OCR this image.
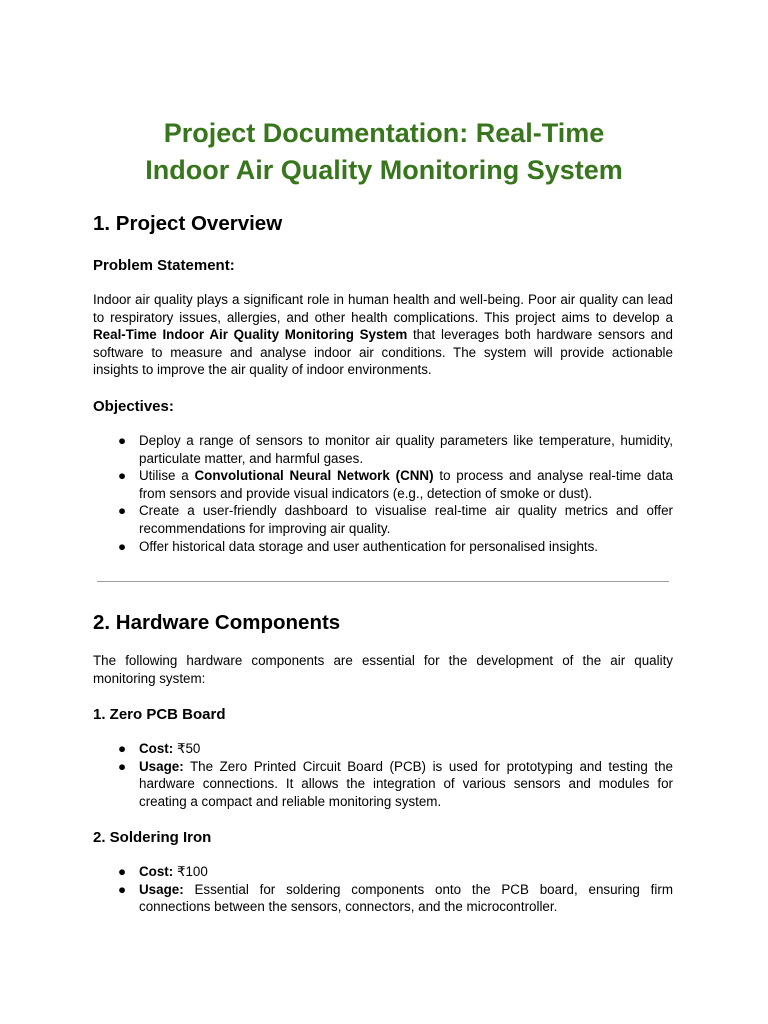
Project Documentation: Real-Time
Indoor Air Quality Monitoring System
1. Project Overview
Problem Statement:

Indoor air quality plays a significant role in human health and well-being. Poor air quality can lead to respiratory issues, allergies, and other health complications. This project aims to develop a Real-Time Indoor Air Quality Monitoring System that leverages both hardware sensors and software to measure and analyse indoor air conditions. The system will provide actionable insights to improve the air quality of indoor environments.

Objectives:
● Deploy a range of sensors to monitor air quality parameters like temperature, humidity, particulate matter, and harmful gases.
● Utilise a Convolutional Neural Network (CNN) to process and analyse real-time data from sensors and provide visual indicators (e.g., detection of smoke or dust).
● Create a user-friendly dashboard to visualise real-time air quality metrics and offer recommendations for improving air quality.
● Offer historical data storage and user authentication for personalised insights.
2. Hardware Components

The following hardware components are essential for the development of the air quality monitoring system:

1. Zero PCB Board
● Cost: ₹50
● Usage: The Zero Printed Circuit Board (PCB) is used for prototyping and testing the hardware connections. It allows the integration of various sensors and modules for creating a compact and reliable monitoring system.
2. Soldering Iron
● Cost: ₹100
● Usage: Essential for soldering components onto the PCB board, ensuring firm connections between the sensors, connectors, and the microcontroller.
